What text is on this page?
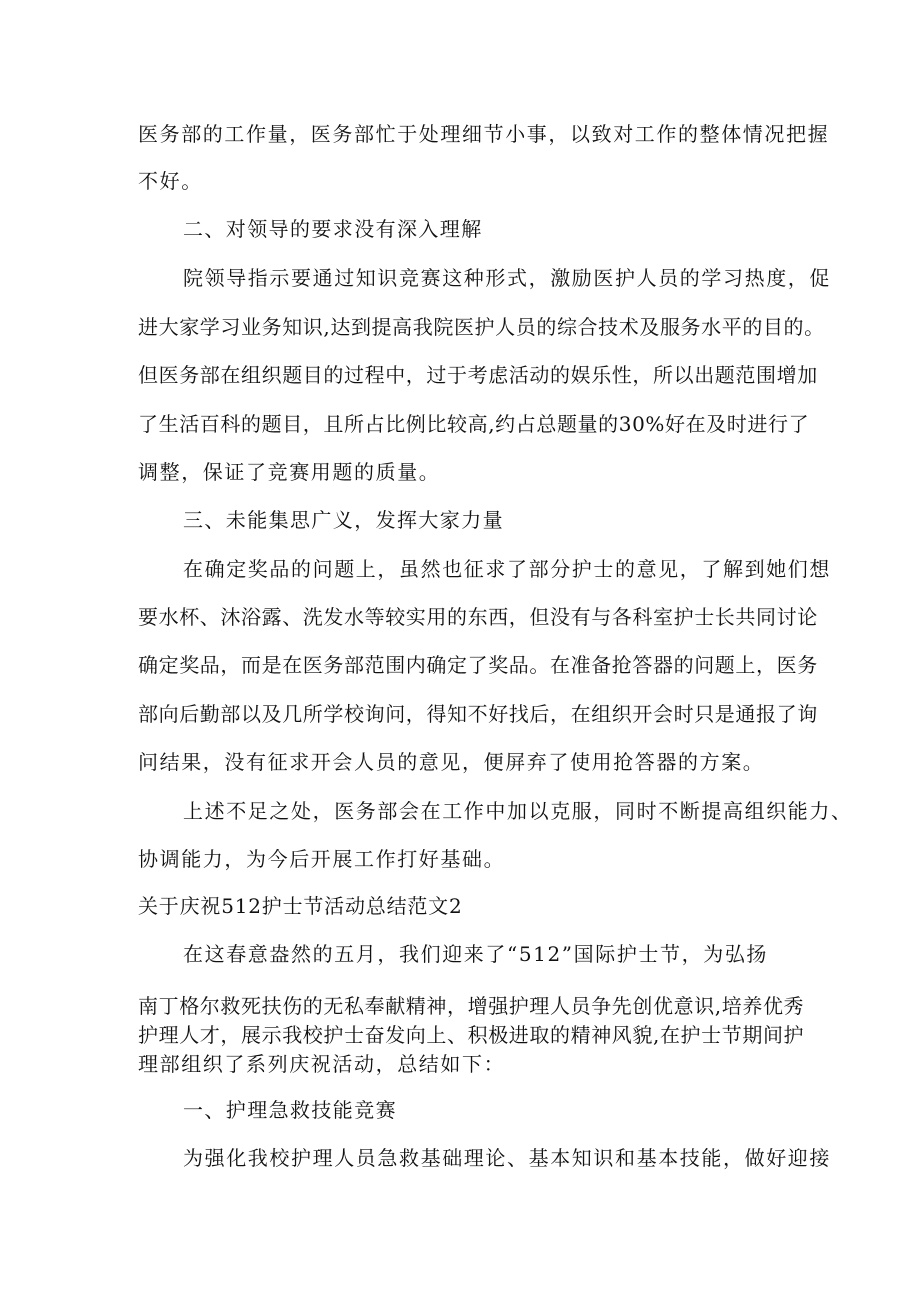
医务部的工作量，医务部忙于处理细节小事，以致对工作的整体情况把握
不好。
二、对领导的要求没有深入理解
院领导指示要通过知识竞赛这种形式，激励医护人员的学习热度，促
进大家学习业务知识,达到提高我院医护人员的综合技术及服务水平的目的。
但医务部在组织题目的过程中，过于考虑活动的娱乐性，所以出题范围增加
了生活百科的题目，且所占比例比较高,约占总题量的30%好在及时进行了
调整，保证了竞赛用题的质量。
三、未能集思广义，发挥大家力量
在确定奖品的问题上，虽然也征求了部分护士的意见，了解到她们想
要水杯、沐浴露、洗发水等较实用的东西，但没有与各科室护士长共同讨论
确定奖品，而是在医务部范围内确定了奖品。在准备抢答器的问题上，医务
部向后勤部以及几所学校询问，得知不好找后，在组织开会时只是通报了询
问结果，没有征求开会人员的意见，便屏弃了使用抢答器的方案。
上述不足之处，医务部会在工作中加以克服，同时不断提高组织能力、
协调能力，为今后开展工作打好基础。
关于庆祝512护士节活动总结范文2
在这春意盎然的五月，我们迎来了“512”国际护士节，为弘扬
南丁格尔救死扶伤的无私奉献精神，增强护理人员争先创优意识,培养优秀
护理人才，展示我校护士奋发向上、积极进取的精神风貌,在护士节期间护
理部组织了系列庆祝活动，总结如下：
一、护理急救技能竞赛
为强化我校护理人员急救基础理论、基本知识和基本技能，做好迎接
